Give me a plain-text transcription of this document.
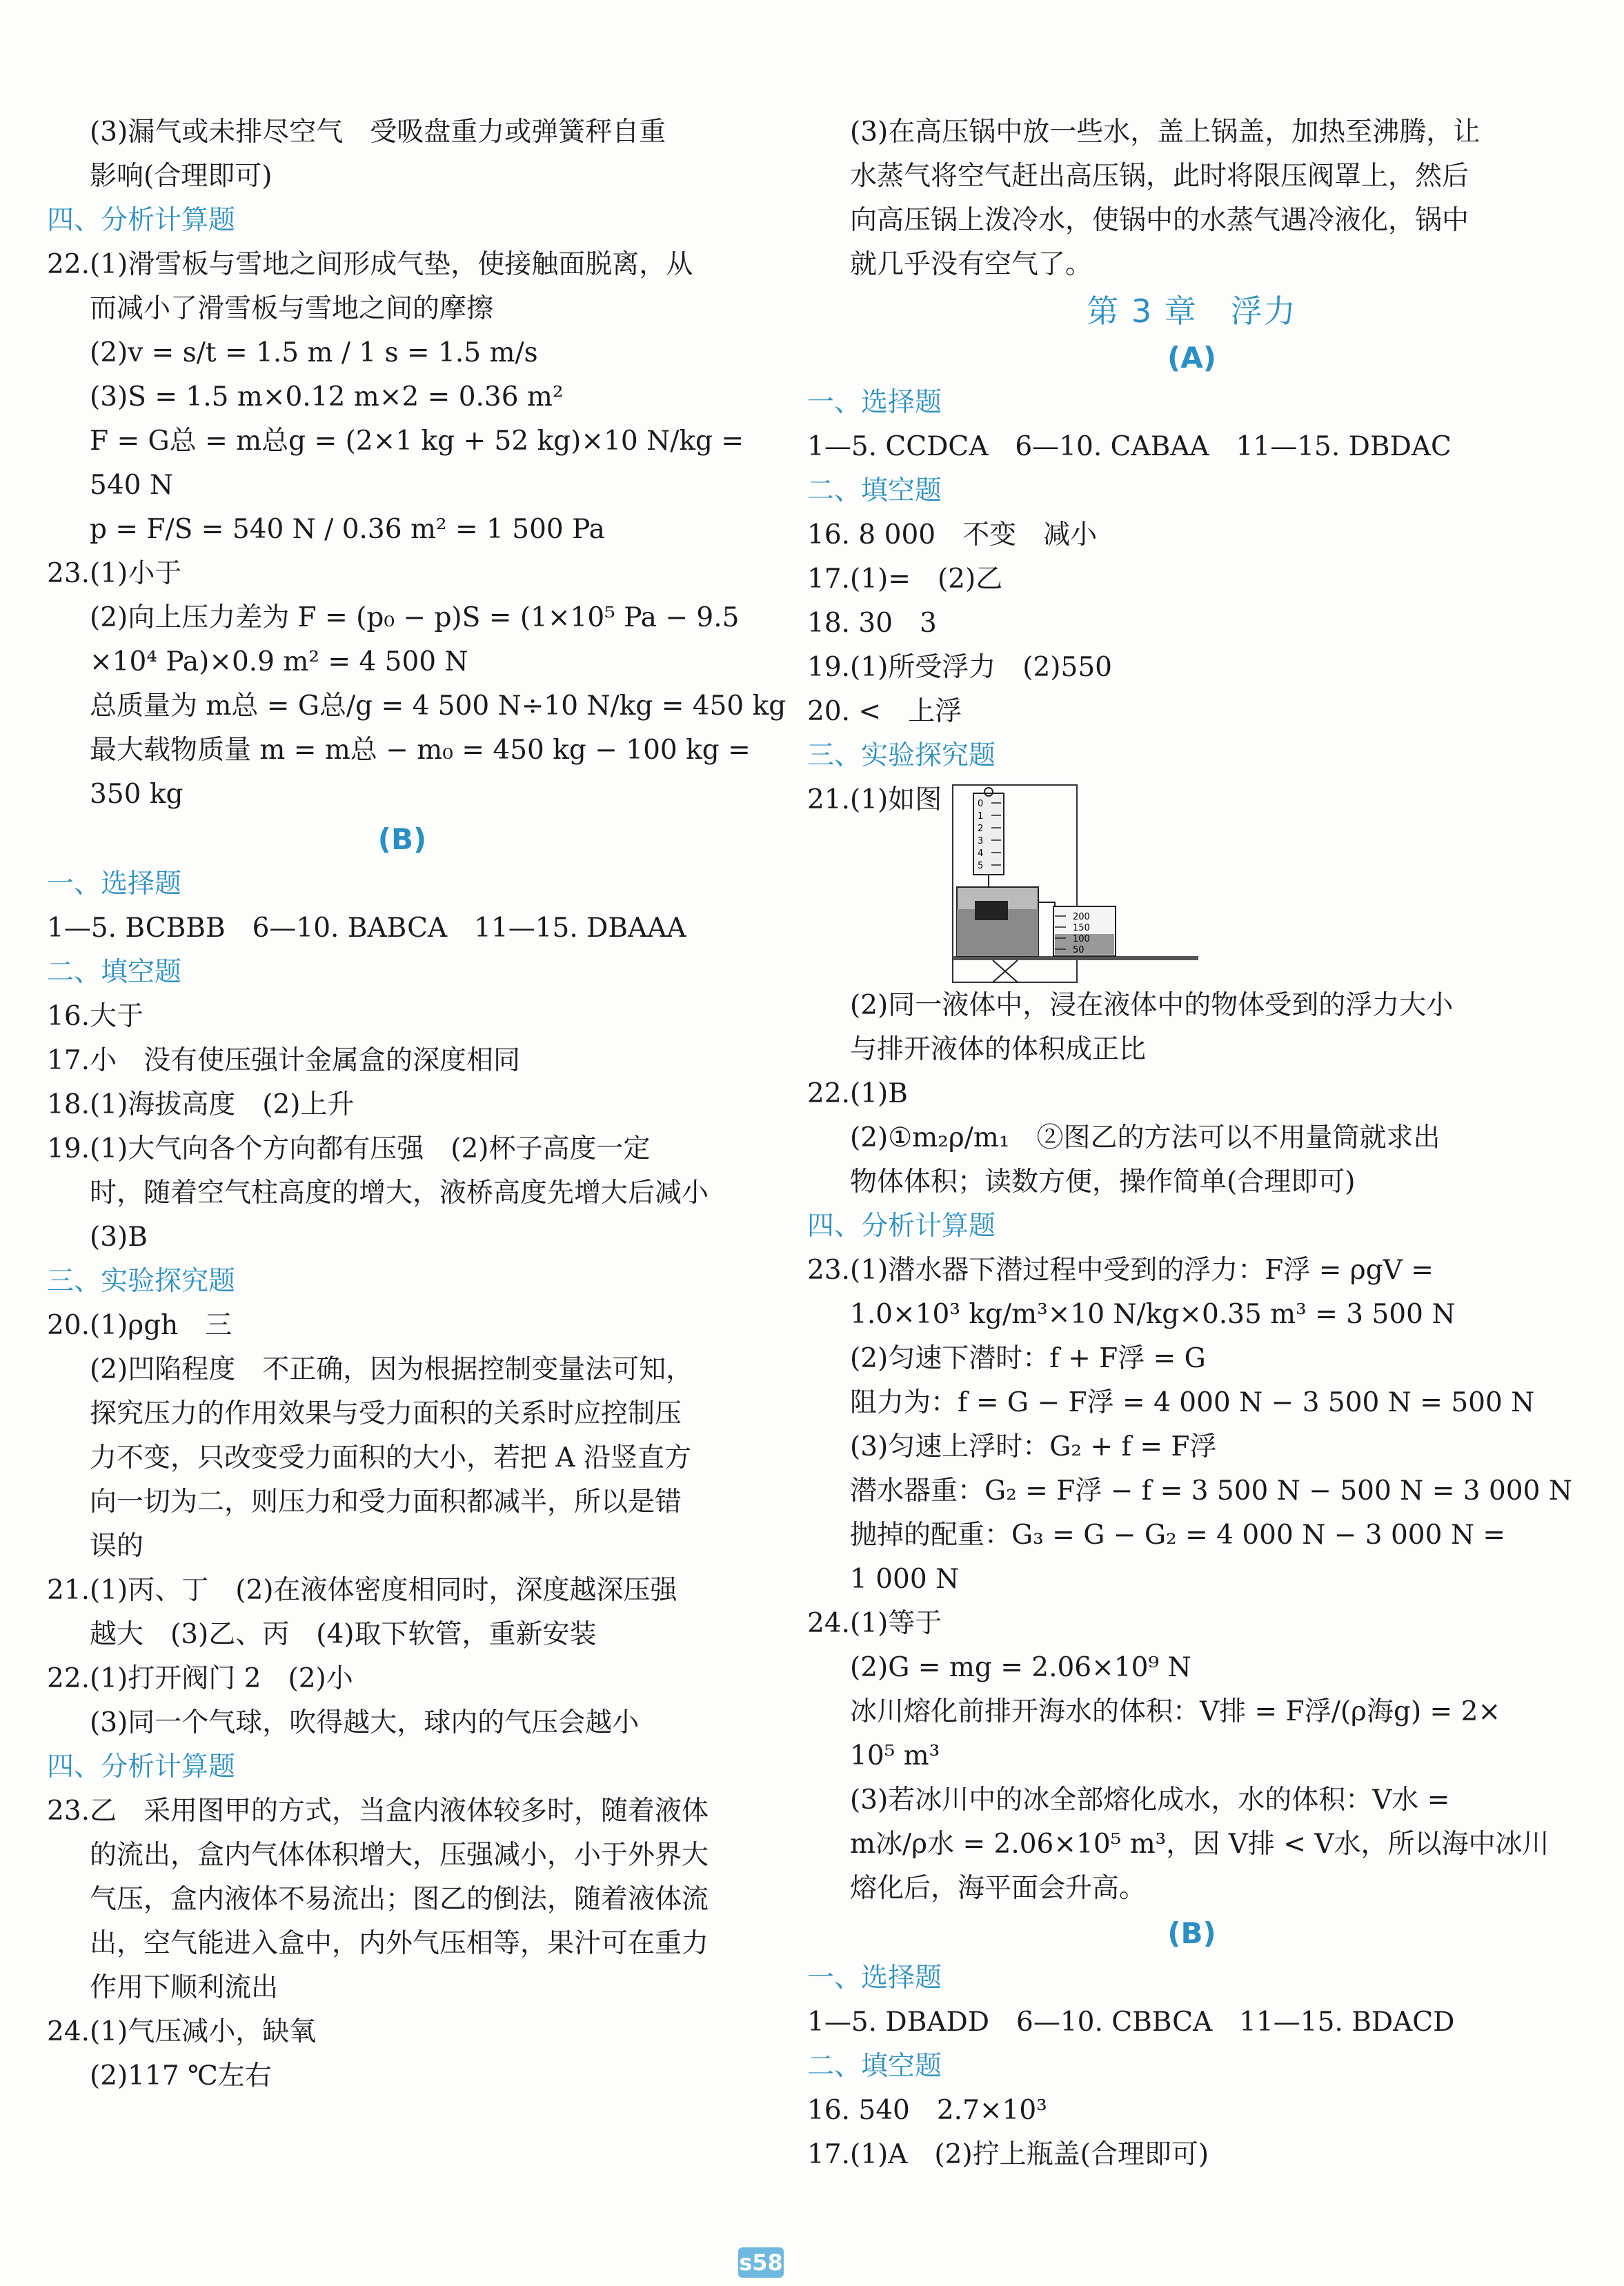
(3)漏气或未排尽空气　受吸盘重力或弹簧秤自重
影响(合理即可)
四、分析计算题
22.(1)滑雪板与雪地之间形成气垫，使接触面脱离，从
而减小了滑雪板与雪地之间的摩擦
(2)v = s/t = 1.5 m / 1 s = 1.5 m/s
(3)S = 1.5 m×0.12 m×2 = 0.36 m²
F = G总 = m总g = (2×1 kg + 52 kg)×10 N/kg =
540 N
p = F/S = 540 N / 0.36 m² = 1 500 Pa
23.(1)小于
(2)向上压力差为 F = (p₀ − p)S = (1×10⁵ Pa − 9.5
×10⁴ Pa)×0.9 m² = 4 500 N
总质量为 m总 = G总/g = 4 500 N÷10 N/kg = 450 kg
最大载物质量 m = m总 − m₀ = 450 kg − 100 kg =
350 kg
(B)
一、选择题
1—5. BCBBB　6—10. BABCA　11—15. DBAAA
二、填空题
16.大于
17.小　没有使压强计金属盒的深度相同
18.(1)海拔高度　(2)上升
19.(1)大气向各个方向都有压强　(2)杯子高度一定
时，随着空气柱高度的增大，液桥高度先增大后减小
(3)B
三、实验探究题
20.(1)ρgh　三
(2)凹陷程度　不正确，因为根据控制变量法可知，
探究压力的作用效果与受力面积的关系时应控制压
力不变，只改变受力面积的大小，若把 A 沿竖直方
向一切为二，则压力和受力面积都减半，所以是错
误的
21.(1)丙、丁　(2)在液体密度相同时，深度越深压强
越大　(3)乙、丙　(4)取下软管，重新安装
22.(1)打开阀门 2　(2)小
(3)同一个气球，吹得越大，球内的气压会越小
四、分析计算题
23.乙　采用图甲的方式，当盒内液体较多时，随着液体
的流出，盒内气体体积增大，压强减小，小于外界大
气压，盒内液体不易流出；图乙的倒法，随着液体流
出，空气能进入盒中，内外气压相等，果汁可在重力
作用下顺利流出
24.(1)气压减小，缺氧
(2)117 ℃左右
(3)在高压锅中放一些水，盖上锅盖，加热至沸腾，让
水蒸气将空气赶出高压锅，此时将限压阀罩上，然后
向高压锅上泼冷水，使锅中的水蒸气遇冷液化，锅中
就几乎没有空气了。
第 3 章　浮力
(A)
一、选择题
1—5. CCDCA　6—10. CABAA　11—15. DBDAC
二、填空题
16. 8 000　不变　减小
17.(1)=　(2)乙
18. 30　3
19.(1)所受浮力　(2)550
20. <　上浮
三、实验探究题
21.(1)如图	0
1
2
3
4
5
200
150
100
50
(2)同一液体中，浸在液体中的物体受到的浮力大小
与排开液体的体积成正比
22.(1)B
(2)①m₂ρ/m₁　②图乙的方法可以不用量筒就求出
物体体积；读数方便，操作简单(合理即可)
四、分析计算题
23.(1)潜水器下潜过程中受到的浮力：F浮 = ρgV =
1.0×10³ kg/m³×10 N/kg×0.35 m³ = 3 500 N
(2)匀速下潜时：f + F浮 = G
阻力为：f = G − F浮 = 4 000 N − 3 500 N = 500 N
(3)匀速上浮时：G₂ + f = F浮
潜水器重：G₂ = F浮 − f = 3 500 N − 500 N = 3 000 N
抛掉的配重：G₃ = G − G₂ = 4 000 N − 3 000 N =
1 000 N
24.(1)等于
(2)G = mg = 2.06×10⁹ N
冰川熔化前排开海水的体积：V排 = F浮/(ρ海g) = 2×
10⁵ m³
(3)若冰川中的冰全部熔化成水，水的体积：V水 =
m冰/ρ水 = 2.06×10⁵ m³，因 V排 < V水，所以海中冰川
熔化后，海平面会升高。
(B)
一、选择题
1—5. DBADD　6—10. CBBCA　11—15. BDACD
二、填空题
16. 540　2.7×10³
17.(1)A　(2)拧上瓶盖(合理即可)
s58
